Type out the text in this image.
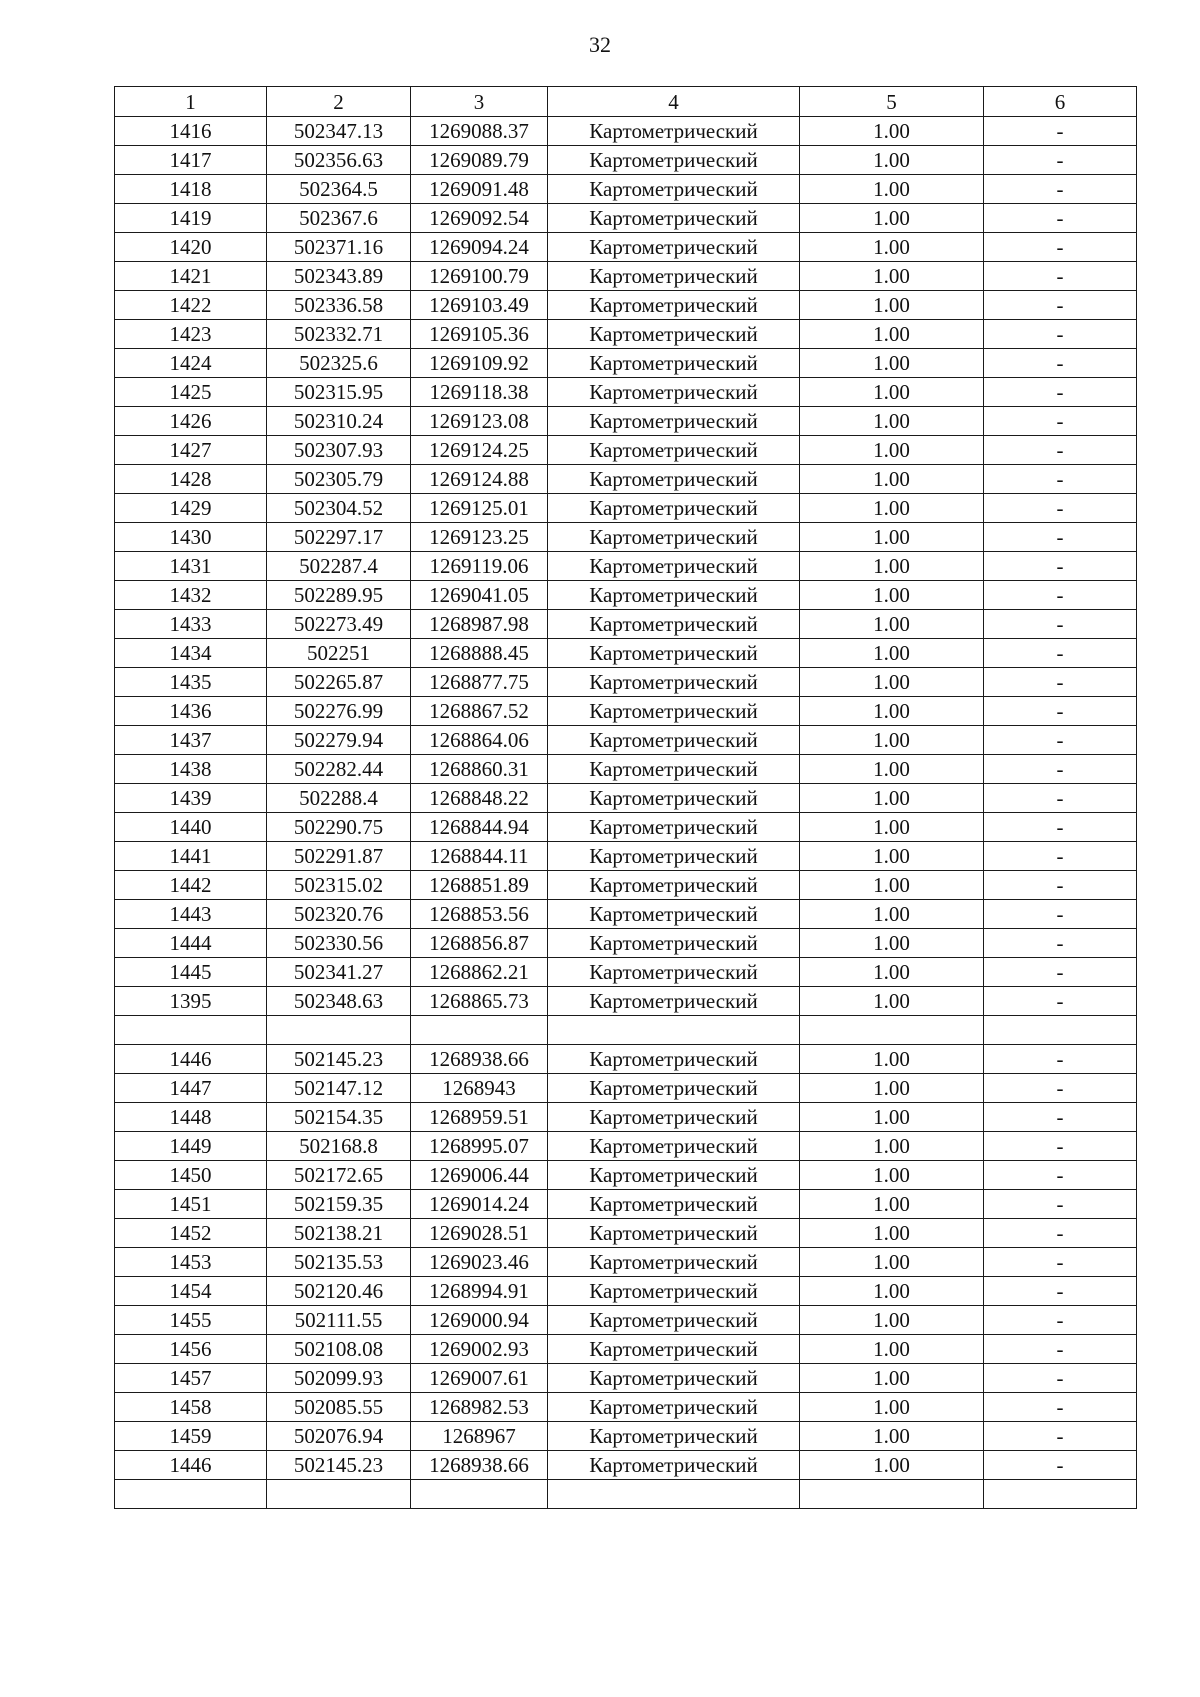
32
1	2	3	4	5	6
1416	502347.13	1269088.37	Картометрический	1.00	-
1417	502356.63	1269089.79	Картометрический	1.00	-
1418	502364.5	1269091.48	Картометрический	1.00	-
1419	502367.6	1269092.54	Картометрический	1.00	-
1420	502371.16	1269094.24	Картометрический	1.00	-
1421	502343.89	1269100.79	Картометрический	1.00	-
1422	502336.58	1269103.49	Картометрический	1.00	-
1423	502332.71	1269105.36	Картометрический	1.00	-
1424	502325.6	1269109.92	Картометрический	1.00	-
1425	502315.95	1269118.38	Картометрический	1.00	-
1426	502310.24	1269123.08	Картометрический	1.00	-
1427	502307.93	1269124.25	Картометрический	1.00	-
1428	502305.79	1269124.88	Картометрический	1.00	-
1429	502304.52	1269125.01	Картометрический	1.00	-
1430	502297.17	1269123.25	Картометрический	1.00	-
1431	502287.4	1269119.06	Картометрический	1.00	-
1432	502289.95	1269041.05	Картометрический	1.00	-
1433	502273.49	1268987.98	Картометрический	1.00	-
1434	502251	1268888.45	Картометрический	1.00	-
1435	502265.87	1268877.75	Картометрический	1.00	-
1436	502276.99	1268867.52	Картометрический	1.00	-
1437	502279.94	1268864.06	Картометрический	1.00	-
1438	502282.44	1268860.31	Картометрический	1.00	-
1439	502288.4	1268848.22	Картометрический	1.00	-
1440	502290.75	1268844.94	Картометрический	1.00	-
1441	502291.87	1268844.11	Картометрический	1.00	-
1442	502315.02	1268851.89	Картометрический	1.00	-
1443	502320.76	1268853.56	Картометрический	1.00	-
1444	502330.56	1268856.87	Картометрический	1.00	-
1445	502341.27	1268862.21	Картометрический	1.00	-
1395	502348.63	1268865.73	Картометрический	1.00	-

1446	502145.23	1268938.66	Картометрический	1.00	-
1447	502147.12	1268943	Картометрический	1.00	-
1448	502154.35	1268959.51	Картометрический	1.00	-
1449	502168.8	1268995.07	Картометрический	1.00	-
1450	502172.65	1269006.44	Картометрический	1.00	-
1451	502159.35	1269014.24	Картометрический	1.00	-
1452	502138.21	1269028.51	Картометрический	1.00	-
1453	502135.53	1269023.46	Картометрический	1.00	-
1454	502120.46	1268994.91	Картометрический	1.00	-
1455	502111.55	1269000.94	Картометрический	1.00	-
1456	502108.08	1269002.93	Картометрический	1.00	-
1457	502099.93	1269007.61	Картометрический	1.00	-
1458	502085.55	1268982.53	Картометрический	1.00	-
1459	502076.94	1268967	Картометрический	1.00	-
1446	502145.23	1268938.66	Картометрический	1.00	-
